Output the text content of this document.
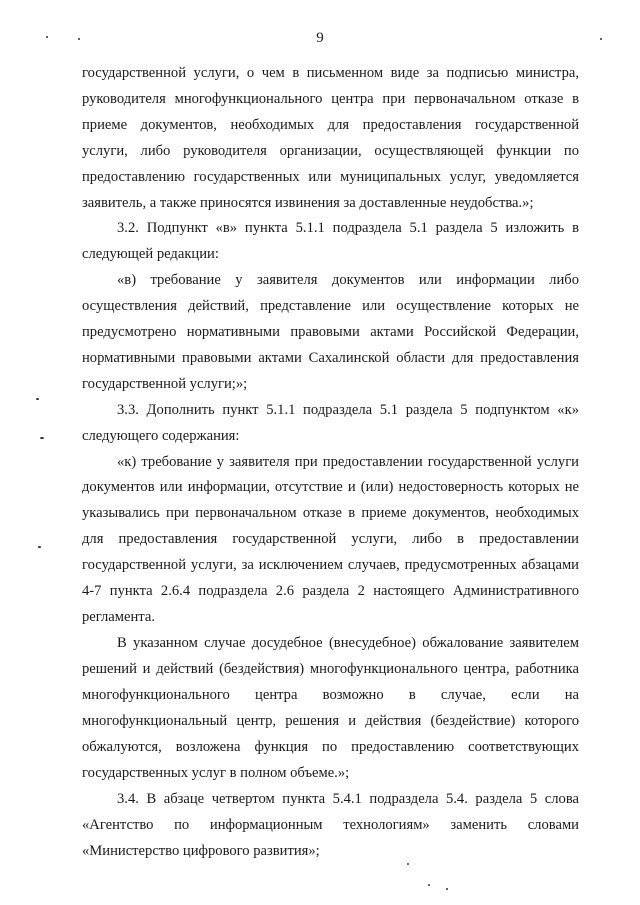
9
государственной услуги, о чем в письменном виде за подписью министра,
руководителя многофункционального центра при первоначальном отказе в
приеме документов, необходимых для предоставления государственной
услуги, либо руководителя организации, осуществляющей функции по
предоставлению государственных или муниципальных услуг, уведомляется
заявитель, а также приносятся извинения за доставленные неудобства.»;
3.2. Подпункт «в» пункта 5.1.1 подраздела 5.1 раздела 5 изложить в
следующей редакции:
«в) требование у заявителя документов или информации либо
осуществления действий, представление или осуществление которых не
предусмотрено нормативными правовыми актами Российской Федерации,
нормативными правовыми актами Сахалинской области для предоставления
государственной услуги;»;
3.3. Дополнить пункт 5.1.1 подраздела 5.1 раздела 5 подпунктом «к»
следующего содержания:
«к) требование у заявителя при предоставлении государственной услуги
документов или информации, отсутствие и (или) недостоверность которых не
указывались при первоначальном отказе в приеме документов, необходимых
для предоставления государственной услуги, либо в предоставлении
государственной услуги, за исключением случаев, предусмотренных абзацами
4-7 пункта 2.6.4 подраздела 2.6 раздела 2 настоящего Административного
регламента.
В указанном случае досудебное (внесудебное) обжалование заявителем
решений и действий (бездействия) многофункционального центра, работника
многофункционального центра возможно в случае, если на
многофункциональный центр, решения и действия (бездействие) которого
обжалуются, возложена функция по предоставлению соответствующих
государственных услуг в полном объеме.»;
3.4. В абзаце четвертом пункта 5.4.1 подраздела 5.4. раздела 5 слова
«Агентство по информационным технологиям» заменить словами
«Министерство цифрового развития»;
